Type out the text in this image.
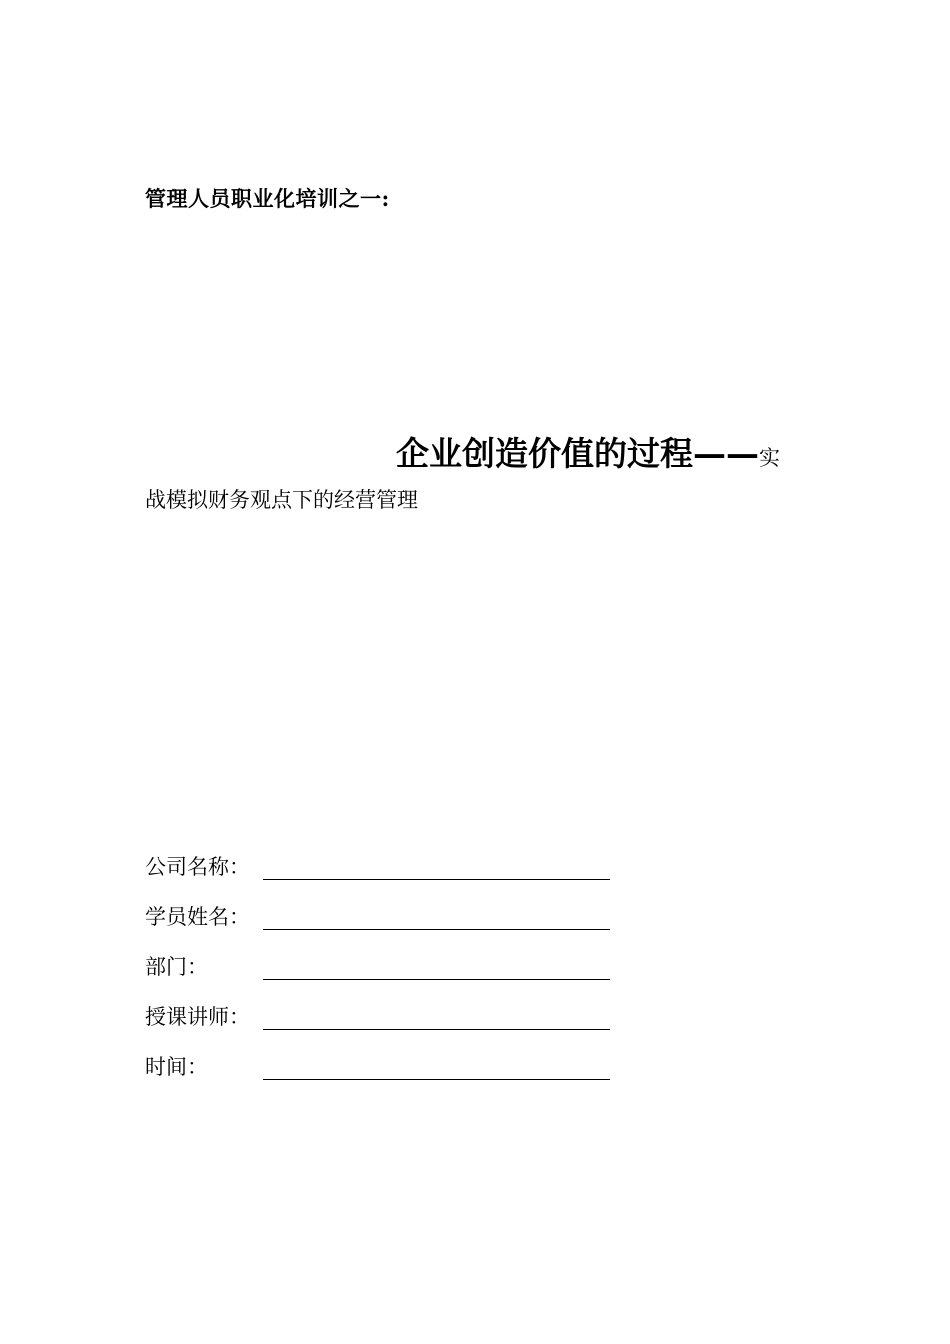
管理人员职业化培训之一:
企业创造价值的过程——实
战模拟财务观点下的经营管理
公司名称：
学员姓名：
部门：
授课讲师：
时间：
